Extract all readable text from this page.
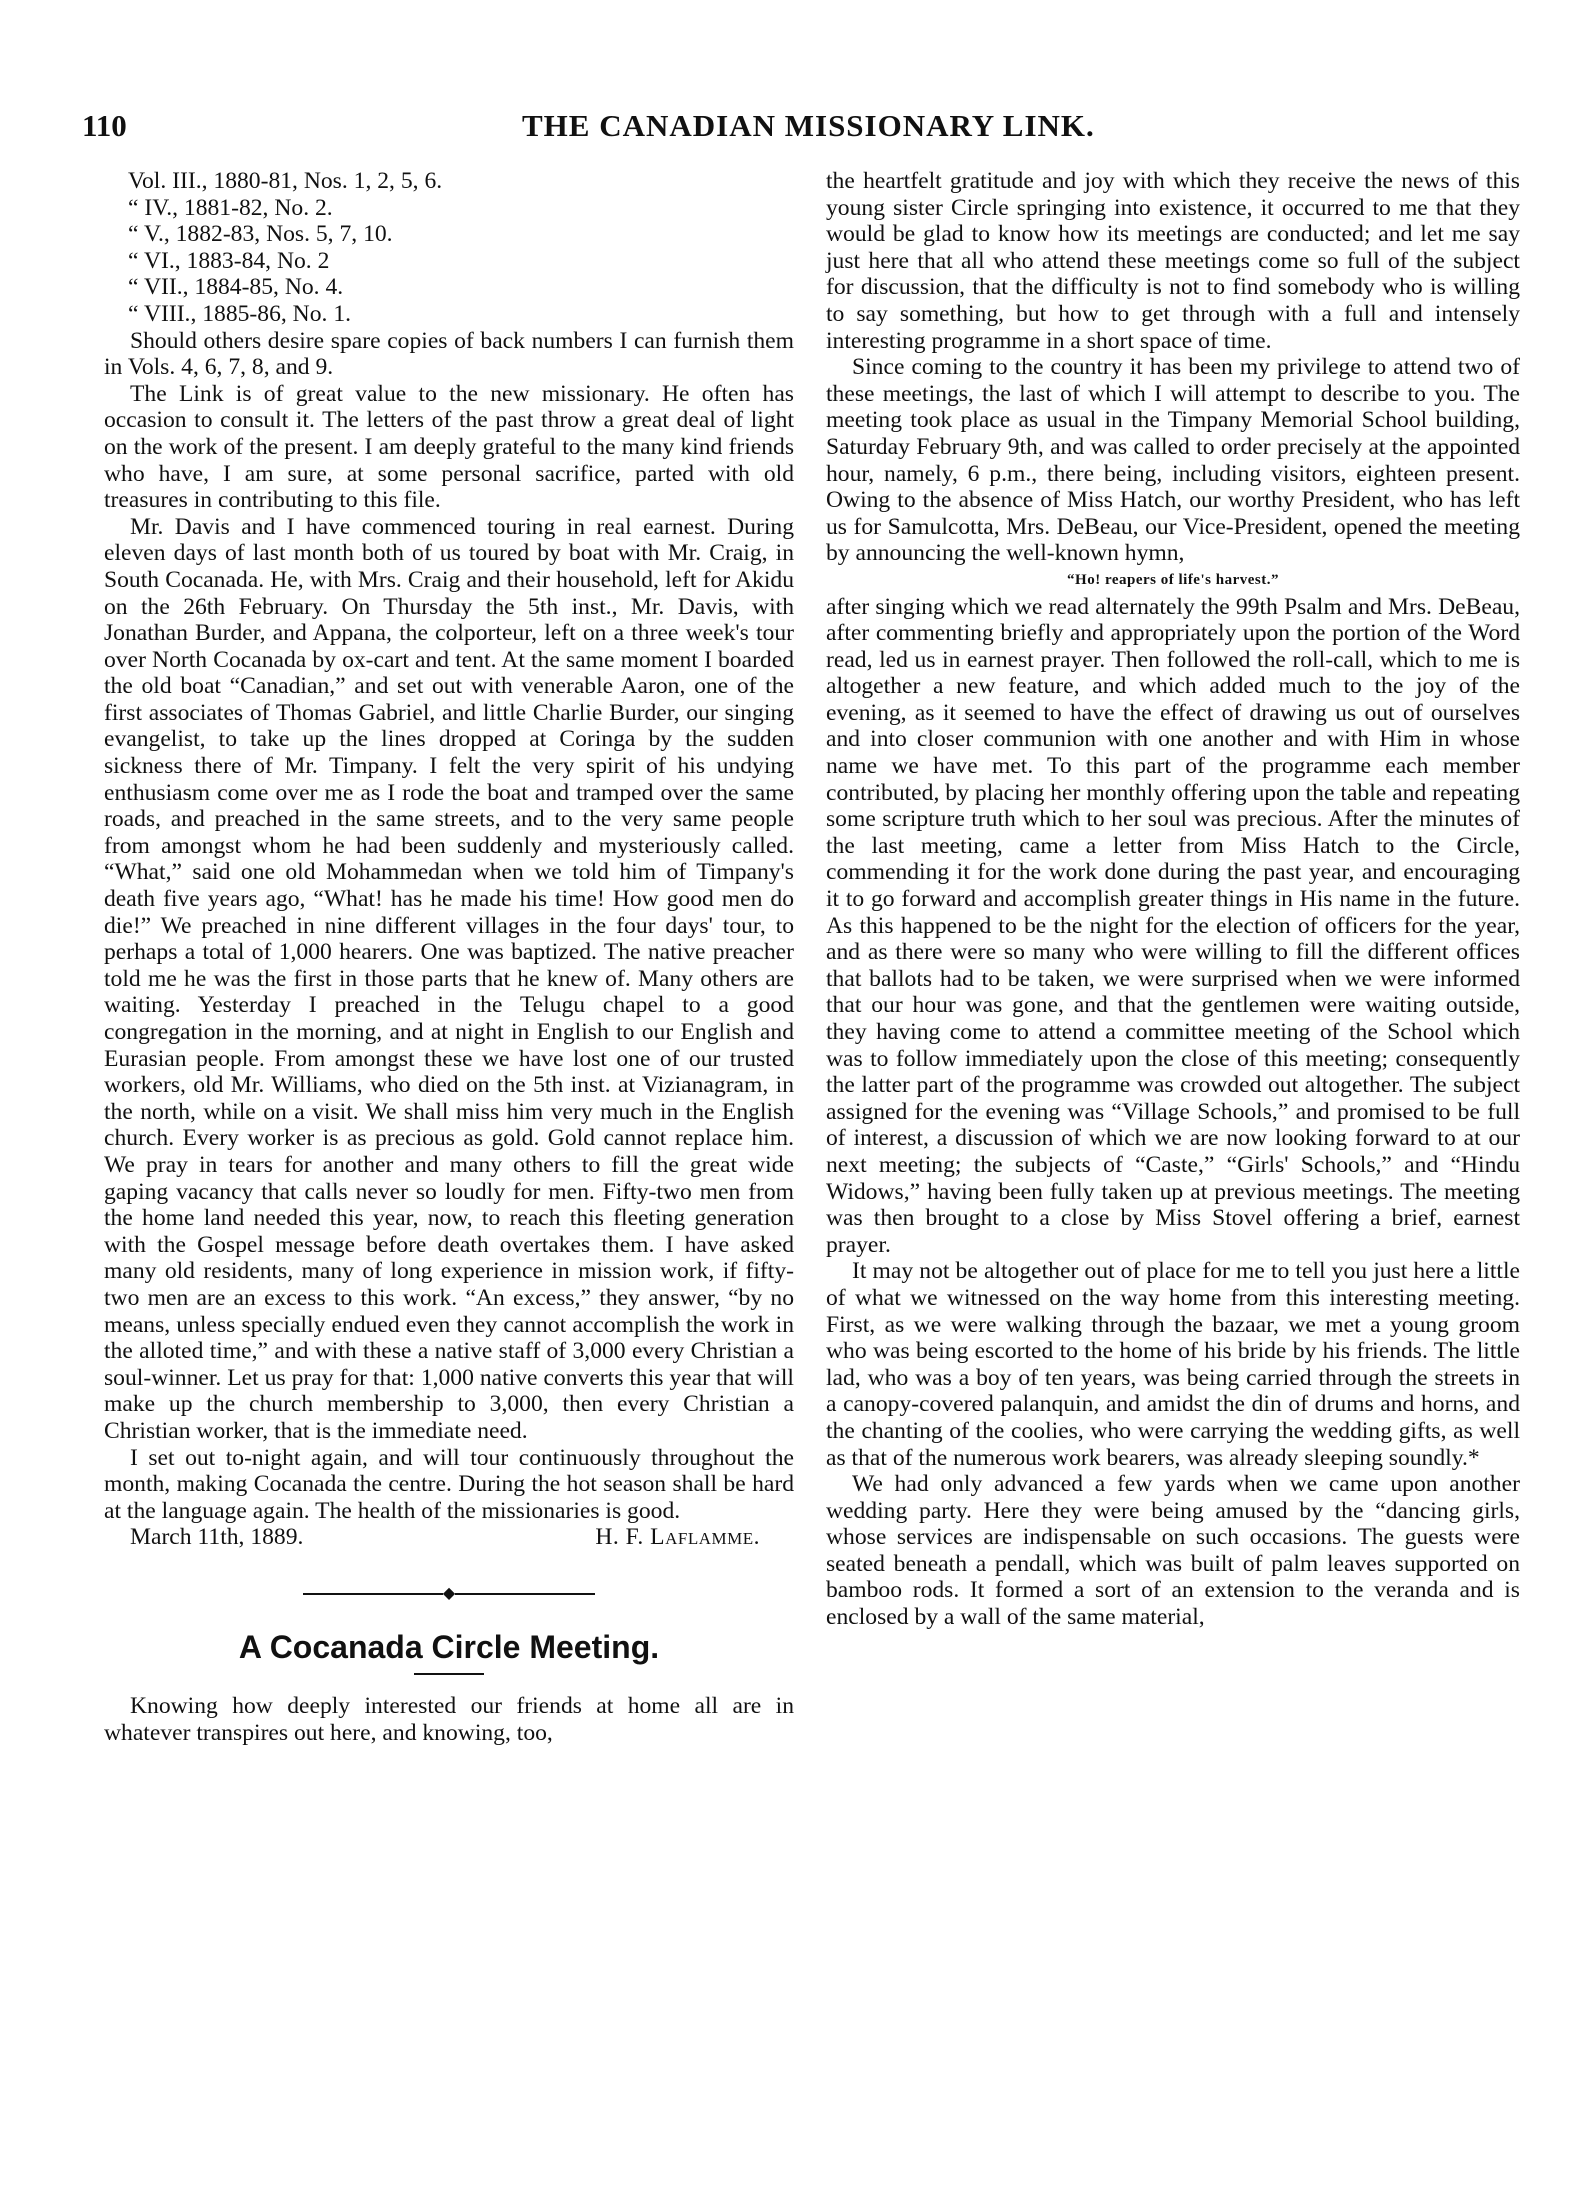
110	THE CANADIAN MISSIONARY LINK.
Vol. III., 1880-81, Nos. 1, 2, 5, 6.
“ IV., 1881-82, No. 2.
“ V., 1882-83, Nos. 5, 7, 10.
“ VI., 1883-84, No. 2
“ VII., 1884-85, No. 4.
“ VIII., 1885-86, No. 1.

Should others desire spare copies of back numbers I can furnish them in Vols. 4, 6, 7, 8, and 9.

The Link is of great value to the new missionary. He often has occasion to consult it. The letters of the past throw a great deal of light on the work of the present. I am deeply grateful to the many kind friends who have, I am sure, at some personal sacrifice, parted with old treasures in contributing to this file.

Mr. Davis and I have commenced touring in real earnest. During eleven days of last month both of us toured by boat with Mr. Craig, in South Cocanada. He, with Mrs. Craig and their household, left for Akidu on the 26th February. On Thursday the 5th inst., Mr. Davis, with Jonathan Burder, and Appana, the colporteur, left on a three week's tour over North Cocanada by ox-cart and tent. At the same moment I boarded the old boat “Canadian,” and set out with venerable Aaron, one of the first associates of Thomas Gabriel, and little Charlie Burder, our singing evangelist, to take up the lines dropped at Coringa by the sudden sickness there of Mr. Timpany. I felt the very spirit of his undying enthusiasm come over me as I rode the boat and tramped over the same roads, and preached in the same streets, and to the very same people from amongst whom he had been suddenly and mysteriously called. “What,” said one old Mohammedan when we told him of Timpany's death five years ago, “What! has he made his time! How good men do die!” We preached in nine different villages in the four days' tour, to perhaps a total of 1,000 hearers. One was baptized. The native preacher told me he was the first in those parts that he knew of. Many others are waiting. Yesterday I preached in the Telugu chapel to a good congregation in the morning, and at night in English to our English and Eurasian people. From amongst these we have lost one of our trusted workers, old Mr. Williams, who died on the 5th inst. at Vizianagram, in the north, while on a visit. We shall miss him very much in the English church. Every worker is as precious as gold. Gold cannot replace him. We pray in tears for another and many others to fill the great wide gaping vacancy that calls never so loudly for men. Fifty-two men from the home land needed this year, now, to reach this fleeting generation with the Gospel message before death overtakes them. I have asked many old residents, many of long experience in mission work, if fifty-two men are an excess to this work. “An excess,” they answer, “by no means, unless specially endued even they cannot accomplish the work in the alloted time,” and with these a native staff of 3,000 every Christian a soul-winner. Let us pray for that: 1,000 native converts this year that will make up the church membership to 3,000, then every Christian a Christian worker, that is the immediate need.

I set out to-night again, and will tour continuously throughout the month, making Cocanada the centre. During the hot season shall be hard at the language again. The health of the missionaries is good.

March 11th, 1889.	H. F. Laflamme.
◆
A Cocanada Circle Meeting.

Knowing how deeply interested our friends at home all are in whatever transpires out here, and knowing, too,

the heartfelt gratitude and joy with which they receive the news of this young sister Circle springing into existence, it occurred to me that they would be glad to know how its meetings are conducted; and let me say just here that all who attend these meetings come so full of the subject for discussion, that the difficulty is not to find somebody who is willing to say something, but how to get through with a full and intensely interesting programme in a short space of time.

Since coming to the country it has been my privilege to attend two of these meetings, the last of which I will attempt to describe to you. The meeting took place as usual in the Timpany Memorial School building, Saturday February 9th, and was called to order precisely at the appointed hour, namely, 6 p.m., there being, including visitors, eighteen present. Owing to the absence of Miss Hatch, our worthy President, who has left us for Samulcotta, Mrs. DeBeau, our Vice-President, opened the meeting by announcing the well-known hymn,

“Ho! reapers of life's harvest.”

after singing which we read alternately the 99th Psalm and Mrs. DeBeau, after commenting briefly and appropriately upon the portion of the Word read, led us in earnest prayer. Then followed the roll-call, which to me is altogether a new feature, and which added much to the joy of the evening, as it seemed to have the effect of drawing us out of ourselves and into closer communion with one another and with Him in whose name we have met. To this part of the programme each member contributed, by placing her monthly offering upon the table and repeating some scripture truth which to her soul was precious. After the minutes of the last meeting, came a letter from Miss Hatch to the Circle, commending it for the work done during the past year, and encouraging it to go forward and accomplish greater things in His name in the future. As this happened to be the night for the election of officers for the year, and as there were so many who were willing to fill the different offices that ballots had to be taken, we were surprised when we were informed that our hour was gone, and that the gentlemen were waiting outside, they having come to attend a committee meeting of the School which was to follow immediately upon the close of this meeting; consequently the latter part of the programme was crowded out altogether. The subject assigned for the evening was “Village Schools,” and promised to be full of interest, a discussion of which we are now looking forward to at our next meeting; the subjects of “Caste,” “Girls' Schools,” and “Hindu Widows,” having been fully taken up at previous meetings. The meeting was then brought to a close by Miss Stovel offering a brief, earnest prayer.

It may not be altogether out of place for me to tell you just here a little of what we witnessed on the way home from this interesting meeting. First, as we were walking through the bazaar, we met a young groom who was being escorted to the home of his bride by his friends. The little lad, who was a boy of ten years, was being carried through the streets in a canopy-covered palanquin, and amidst the din of drums and horns, and the chanting of the coolies, who were carrying the wedding gifts, as well as that of the numerous work bearers, was already sleeping soundly.*

We had only advanced a few yards when we came upon another wedding party. Here they were being amused by the “dancing girls, whose services are indispensable on such occasions. The guests were seated beneath a pendall, which was built of palm leaves supported on bamboo rods. It formed a sort of an extension to the veranda and is enclosed by a wall of the same material,
